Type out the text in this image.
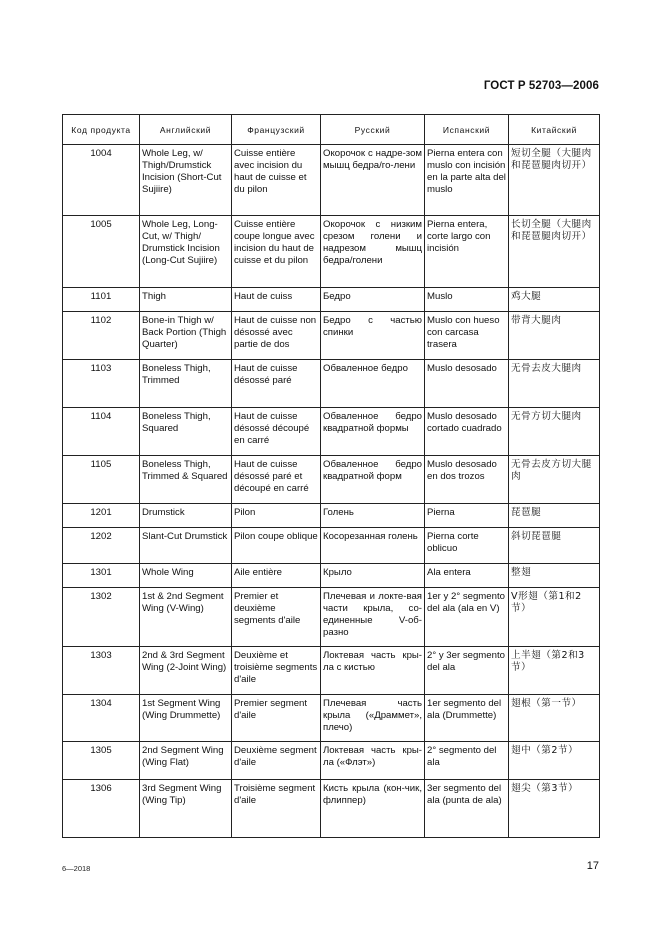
ГОСТ Р 52703—2006
Код продукта	Английский	Французский	Русский	Испанский	Китайский
1004	Whole Leg, w/ Thigh/Drumstick Incision (Short-Cut Sujiire)	Cuisse entière avec incision du haut de cuisse et du pilon	Окорочок с надре-зом мышц бедра/го-лени	Pierna entera con muslo con incisión en la parte alta del muslo	短切全腿（大腿肉和琵琶腿肉切开）
1005	Whole Leg, Long-Cut, w/ Thigh/ Drumstick Incision (Long-Cut Sujiire)	Cuisse entière coupe longue avec incision du haut de cuisse et du pilon	Окорочок с низким срезом голени и надрезом мышц бедра/голени	Pierna entera, corte largo con incisión	长切全腿（大腿肉和琵琶腿肉切开）
1101	Thigh	Haut de cuiss	Бедро	Muslo	鸡大腿
1102	Bone-in Thigh w/ Back Portion (Thigh Quarter)	Haut de cuisse non désossé avec partie de dos	Бедро с частью спинки	Muslo con hueso con carcasa trasera	带背大腿肉
1103	Boneless Thigh, Trimmed	Haut de cuisse désossé paré	Обваленное бедро	Muslo desosado	无骨去皮大腿肉
1104	Boneless Thigh, Squared	Haut de cuisse désossé découpé en carré	Обваленное бедро квадратной формы	Muslo desosado cortado cuadrado	无骨方切大腿肉
1105	Boneless Thigh, Trimmed & Squared	Haut de cuisse désossé paré et découpé en carré	Обваленное бедро квадратной форм	Muslo desosado en dos trozos	无骨去皮方切大腿肉
1201	Drumstick	Pilon	Голень	Pierna	琵琶腿
1202	Slant-Cut Drumstick	Pilon coupe oblique	Косорезанная голень	Pierna corte oblicuo	斜切琵琶腿
1301	Whole Wing	Aile entière	Крыло	Ala entera	整翅
1302	1st & 2nd Segment Wing (V-Wing)	Premier et deuxième segments d'aile	Плечевая и локте-вая части крыла, со-единенные V-об-разно	1er y 2° segmento del ala (ala en V)	V形翅（第1和2节）
1303	2nd & 3rd Segment Wing (2-Joint Wing)	Deuxième et troisième segments d'aile	Локтевая часть кры-ла с кистью	2° y 3er segmento del ala	上半翅（第2和3节）
1304	1st Segment Wing (Wing Drummette)	Premier segment d'aile	Плечевая часть крыла («Драммет», плечо)	1er segmento del ala (Drummette)	翅根（第一节）
1305	2nd Segment Wing (Wing Flat)	Deuxième segment d'aile	Локтевая часть кры-ла («Флэт»)	2° segmento del ala	翅中（第2节）
1306	3rd Segment Wing (Wing Tip)	Troisième segment d'aile	Кисть крыла (кон-чик, флиппер)	3er segmento del ala (punta de ala)	翅尖（第3节）
6—2018	17
